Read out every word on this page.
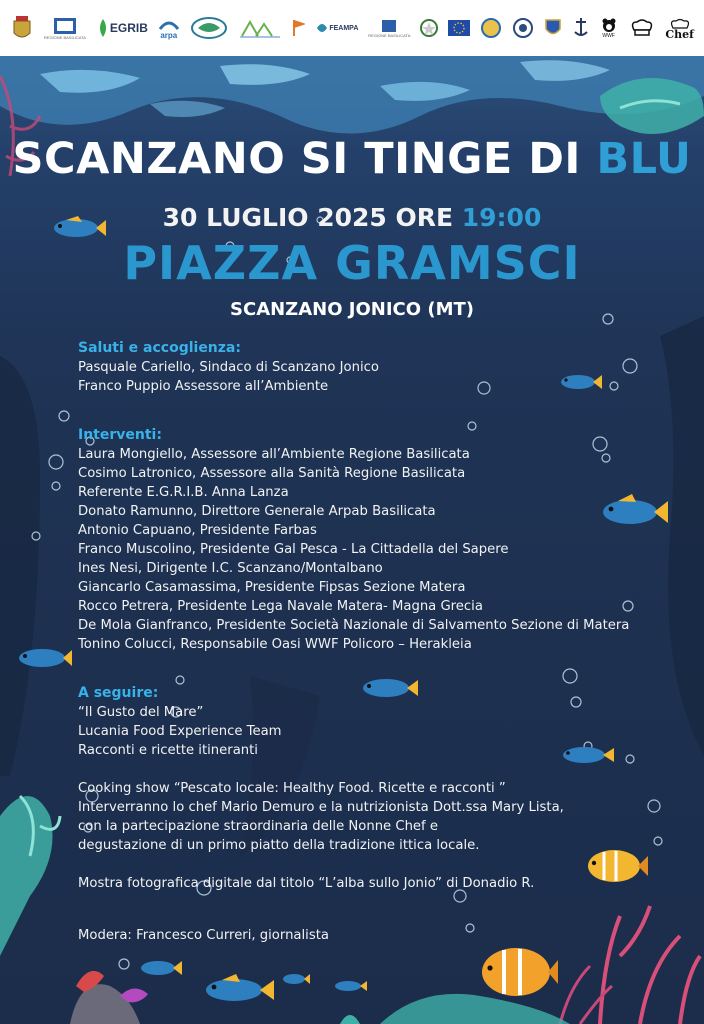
REGIONE BASILICATA
EGRIB
arpa
FEAMPA
REGIONE BASILICATA	WWF	Chef
SCANZANO SI TINGE DI BLU
30 LUGLIO 2025 ORE 19:00
PIAZZA GRAMSCI
SCANZANO JONICO (MT)
Saluti e accoglienza:
Pasquale Cariello, Sindaco di Scanzano Jonico
Franco Puppio Assessore all’Ambiente
Interventi:
Laura Mongiello, Assessore all’Ambiente Regione Basilicata
Cosimo Latronico, Assessore alla Sanità Regione Basilicata
Referente E.G.R.I.B. Anna Lanza
Donato Ramunno, Direttore Generale Arpab Basilicata
Antonio Capuano, Presidente Farbas
Franco Muscolino, Presidente Gal Pesca - La Cittadella del Sapere
Ines Nesi, Dirigente I.C. Scanzano/Montalbano
Giancarlo Casamassima, Presidente Fipsas Sezione Matera
Rocco Petrera, Presidente Lega Navale Matera- Magna Grecia
De Mola Gianfranco, Presidente Società Nazionale di Salvamento Sezione di Matera
Tonino Colucci, Responsabile Oasi WWF Policoro – Herakleia
A seguire:
“Il Gusto del Mare”
Lucania Food Experience Team
Racconti e ricette itineranti
Cooking show “Pescato locale: Healthy Food. Ricette e racconti ”
Interverranno lo chef Mario Demuro e la nutrizionista Dott.ssa Mary Lista,
con la partecipazione straordinaria delle Nonne Chef e
degustazione di un primo piatto della tradizione ittica locale.
Mostra fotografica digitale dal titolo “L’alba sullo Jonio” di Donadio R.
Modera: Francesco Curreri, giornalista
